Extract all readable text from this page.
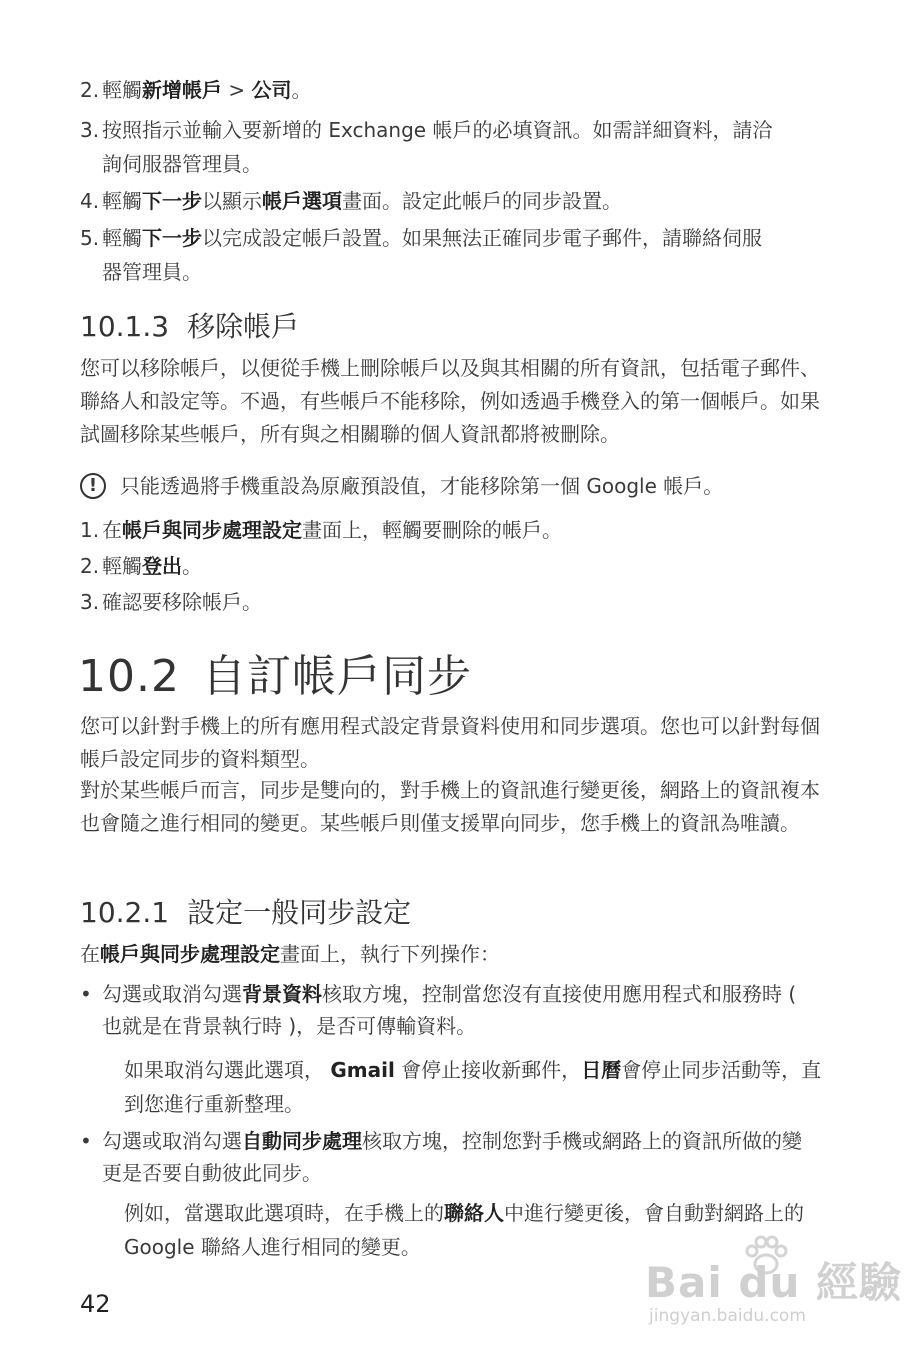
2. 輕觸新增帳戶 > 公司。
3. 按照指示並輸入要新增的 Exchange 帳戶的必填資訊。如需詳細資料，請洽
詢伺服器管理員。
4. 輕觸下一步以顯示帳戶選項畫面。設定此帳戶的同步設置。
5. 輕觸下一步以完成設定帳戶設置。如果無法正確同步電子郵件，請聯絡伺服
器管理員。
10.1.3 移除帳戶
您可以移除帳戶，以便從手機上刪除帳戶以及與其相關的所有資訊，包括電子郵件、聯絡人和設定等。不過，有些帳戶不能移除，例如透過手機登入的第一個帳戶。如果試圖移除某些帳戶，所有與之相關聯的個人資訊都將被刪除。
! 只能透過將手機重設為原廠預設值，才能移除第一個 Google 帳戶。
1. 在帳戶與同步處理設定畫面上，輕觸要刪除的帳戶。
2. 輕觸登出。
3. 確認要移除帳戶。
10.2 自訂帳戶同步
您可以針對手機上的所有應用程式設定背景資料使用和同步選項。您也可以針對每個帳戶設定同步的資料類型。
對於某些帳戶而言，同步是雙向的，對手機上的資訊進行變更後，網路上的資訊複本也會隨之進行相同的變更。某些帳戶則僅支援單向同步，您手機上的資訊為唯讀。
10.2.1 設定一般同步設定
在帳戶與同步處理設定畫面上，執行下列操作：
• 勾選或取消勾選背景資料核取方塊，控制當您沒有直接使用應用程式和服務時 ( 也就是在背景執行時 )，是否可傳輸資料。
如果取消勾選此選項， Gmail 會停止接收新郵件，日曆會停止同步活動等，直到您進行重新整理。
• 勾選或取消勾選自動同步處理核取方塊，控制您對手機或網路上的資訊所做的變更是否要自動彼此同步。
例如，當選取此選項時，在手機上的聯絡人中進行變更後，會自動對網路上的 Google 聯絡人進行相同的變更。
42	Bai du 經驗
jingyan.baidu.com
